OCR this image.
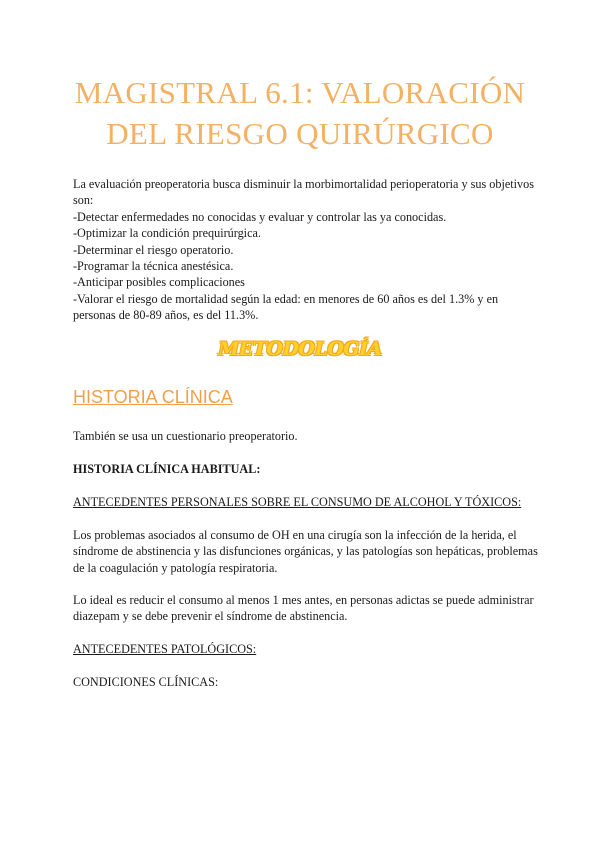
MAGISTRAL 6.1: VALORACIÓN
DEL RIESGO QUIRÚRGICO

La evaluación preoperatoria busca disminuir la morbimortalidad perioperatoria y sus objetivos son:

-Detectar enfermedades no conocidas y evaluar y controlar las ya conocidas.

-Optimizar la condición prequirúrgica.

-Determinar el riesgo operatorio.

-Programar la técnica anestésica.

-Anticipar posibles complicaciones

-Valorar el riesgo de mortalidad según la edad: en menores de 60 años es del 1.3% y en personas de 80-89 años, es del 11.3%.

METODOLOGÍA
HISTORIA CLÍNICA

También se usa un cuestionario preoperatorio.

HISTORIA CLÍNICA HABITUAL:

ANTECEDENTES PERSONALES SOBRE EL CONSUMO DE ALCOHOL Y TÓXICOS:

Los problemas asociados al consumo de OH en una cirugía son la infección de la herida, el síndrome de abstinencia y las disfunciones orgánicas, y las patologías son hepáticas, problemas de la coagulación y patología respiratoria.

Lo ideal es reducir el consumo al menos 1 mes antes, en personas adictas se puede administrar diazepam y se debe prevenir el síndrome de abstinencia.

ANTECEDENTES PATOLÓGICOS:

CONDICIONES CLÍNICAS:
